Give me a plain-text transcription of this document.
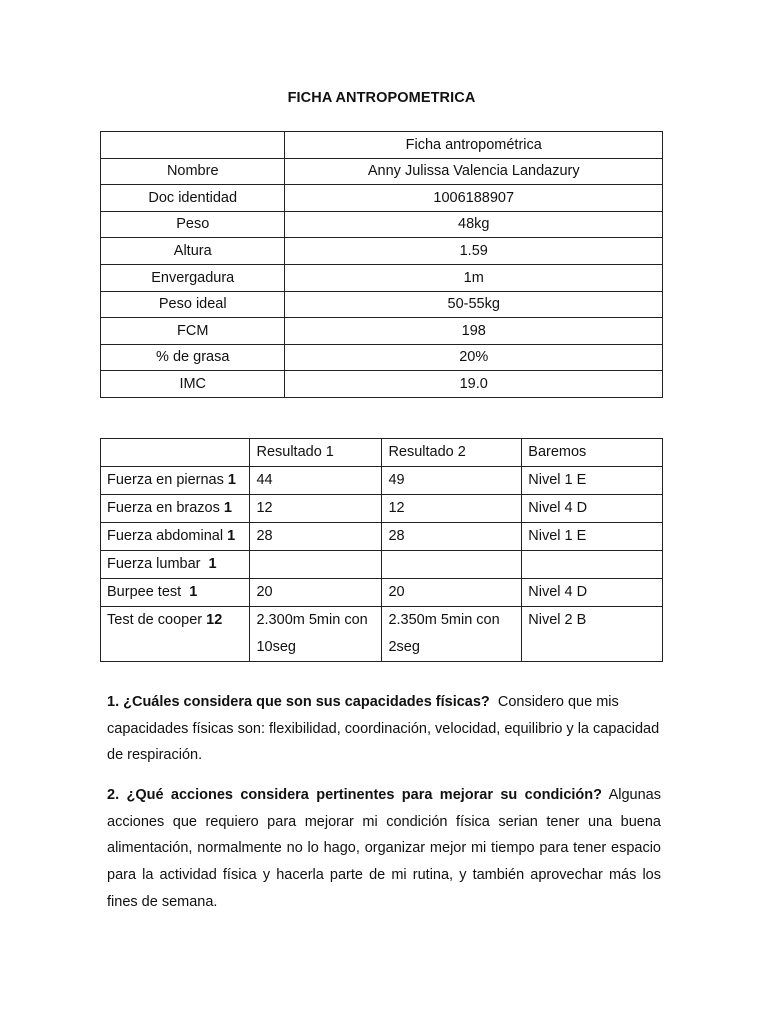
FICHA ANTROPOMETRICA
	Ficha antropométrica
Nombre	Anny Julissa Valencia Landazury
Doc identidad	1006188907
Peso	48kg
Altura	1.59
Envergadura	1m
Peso ideal	50-55kg
FCM	198
% de grasa	20%
IMC	19.0
	Resultado 1	Resultado 2	Baremos
Fuerza en piernas 1	44	49	Nivel 1 E
Fuerza en brazos 1	12	12	Nivel 4 D
Fuerza abdominal 1	28	28	Nivel 1 E
Fuerza lumbar  1			
Burpee test  1	20	20	Nivel 4 D
Test de cooper 12	2.300m 5min con 10seg	2.350m 5min con 2seg	Nivel 2 B

1. ¿Cuáles considera que son sus capacidades físicas?  Considero que mis capacidades físicas son: flexibilidad, coordinación, velocidad, equilibrio y la capacidad de respiración.

2. ¿Qué acciones considera pertinentes para mejorar su condición? Algunas acciones que requiero para mejorar mi condición física serian tener una buena alimentación, normalmente no lo hago, organizar mejor mi tiempo para tener espacio para la actividad física y hacerla parte de mi rutina, y también aprovechar más los fines de semana.
